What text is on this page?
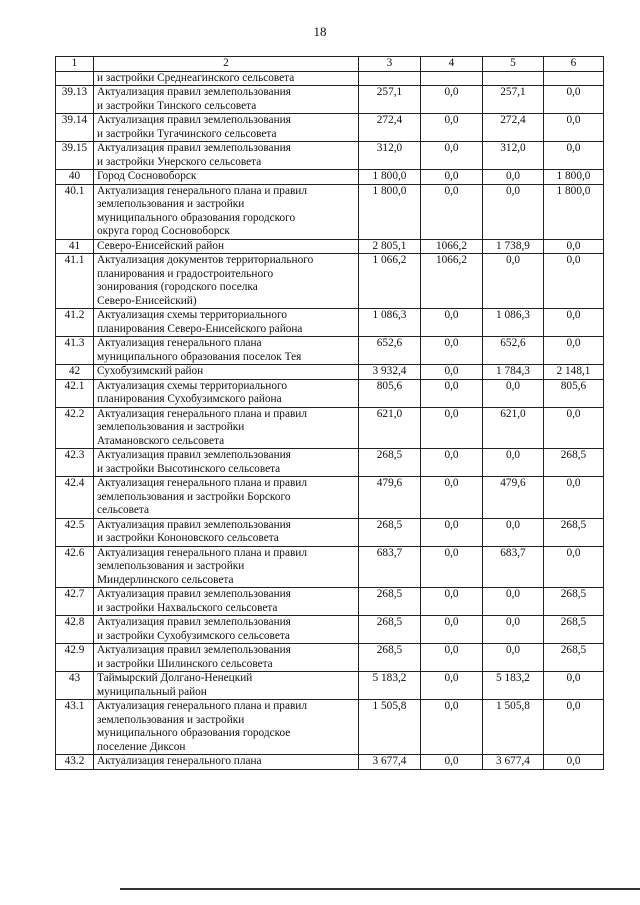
18
1	2	3	4	5	6
	и застройки Среднеагинского сельсовета				
39.13	Актуализация правил землепользования
и застройки Тинского сельсовета	257,1	0,0	257,1	0,0
39.14	Актуализация правил землепользования
и застройки Тугачинского сельсовета	272,4	0,0	272,4	0,0
39.15	Актуализация правил землепользования
и застройки Унерского сельсовета	312,0	0,0	312,0	0,0
40	Город Сосновоборск	1 800,0	0,0	0,0	1 800,0
40.1	Актуализация генерального плана и правил
землепользования и застройки
муниципального образования городского
округа город Сосновоборск	1 800,0	0,0	0,0	1 800,0
41	Северо-Енисейский район	2 805,1	1066,2	1 738,9	0,0
41.1	Актуализация документов территориального
планирования и градостроительного
зонирования (городского поселка
Северо-Енисейский)	1 066,2	1066,2	0,0	0,0
41.2	Актуализация схемы территориального
планирования Северо-Енисейского района	1 086,3	0,0	1 086,3	0,0
41.3	Актуализация генерального плана
муниципального образования поселок Тея	652,6	0,0	652,6	0,0
42	Сухобузимский район	3 932,4	0,0	1 784,3	2 148,1
42.1	Актуализация схемы территориального
планирования Сухобузимского района	805,6	0,0	0,0	805,6
42.2	Актуализация генерального плана и правил
землепользования и застройки
Атамановского сельсовета	621,0	0,0	621,0	0,0
42.3	Актуализация правил землепользования
и застройки Высотинского сельсовета	268,5	0,0	0,0	268,5
42.4	Актуализация генерального плана и правил
землепользования и застройки Борского
сельсовета	479,6	0,0	479,6	0,0
42.5	Актуализация правил землепользования
и застройки Кононовского сельсовета	268,5	0,0	0,0	268,5
42.6	Актуализация генерального плана и правил
землепользования и застройки
Миндерлинского сельсовета	683,7	0,0	683,7	0,0
42.7	Актуализация правил землепользования
и застройки Нахвальского сельсовета	268,5	0,0	0,0	268,5
42.8	Актуализация правил землепользования
и застройки Сухобузимского сельсовета	268,5	0,0	0,0	268,5
42.9	Актуализация правил землепользования
и застройки Шилинского сельсовета	268,5	0,0	0,0	268,5
43	Таймырский Долгано-Ненецкий
муниципальный район	5 183,2	0,0	5 183,2	0,0
43.1	Актуализация генерального плана и правил
землепользования и застройки
муниципального образования городское
поселение Диксон	1 505,8	0,0	1 505,8	0,0
43.2	Актуализация генерального плана	3 677,4	0,0	3 677,4	0,0
